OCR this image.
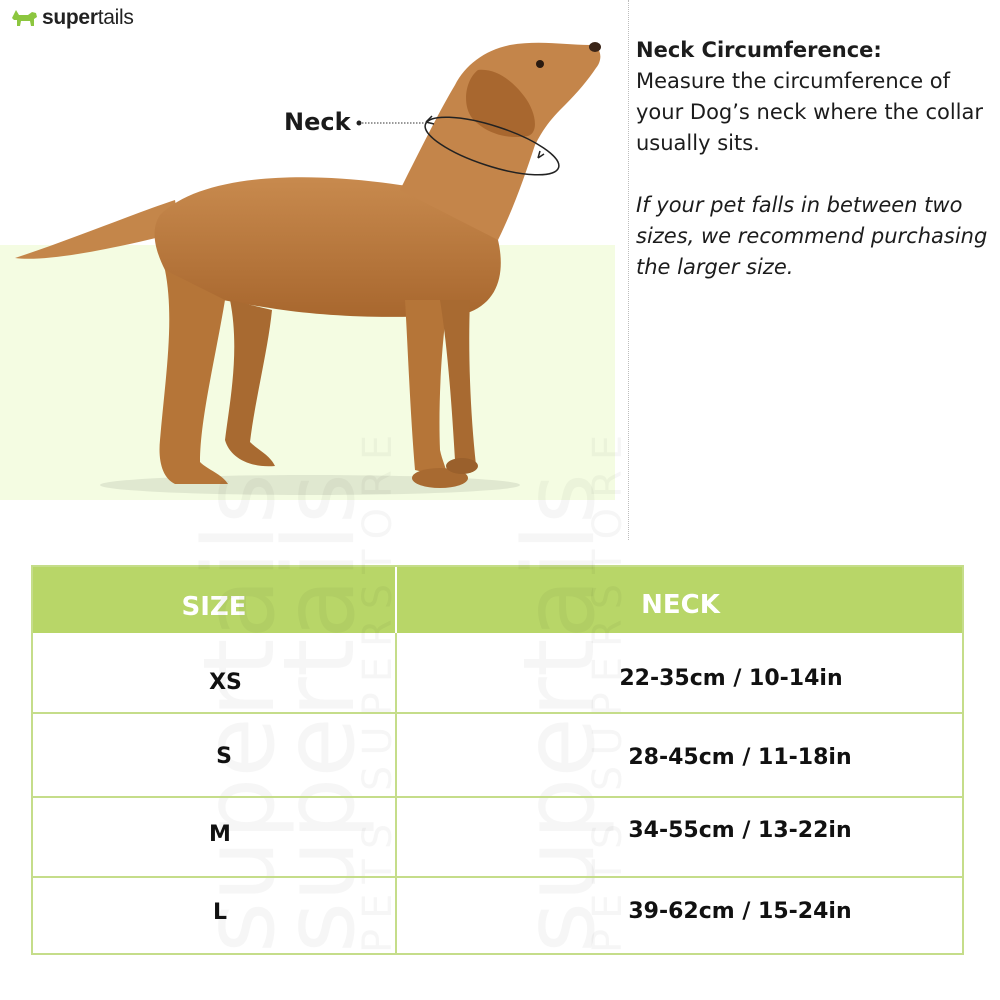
supertails
Neck
Neck Circumference:
Measure the circumference of your Dog’s neck where the collar usually sits.
If your pet falls in between two sizes, we recommend purchasing the larger size.
SIZE	NECK
XS	22-35cm / 10-14in
S	28-45cm / 11-18in
M	34-55cm / 13-22in
L	39-62cm / 15-24in
